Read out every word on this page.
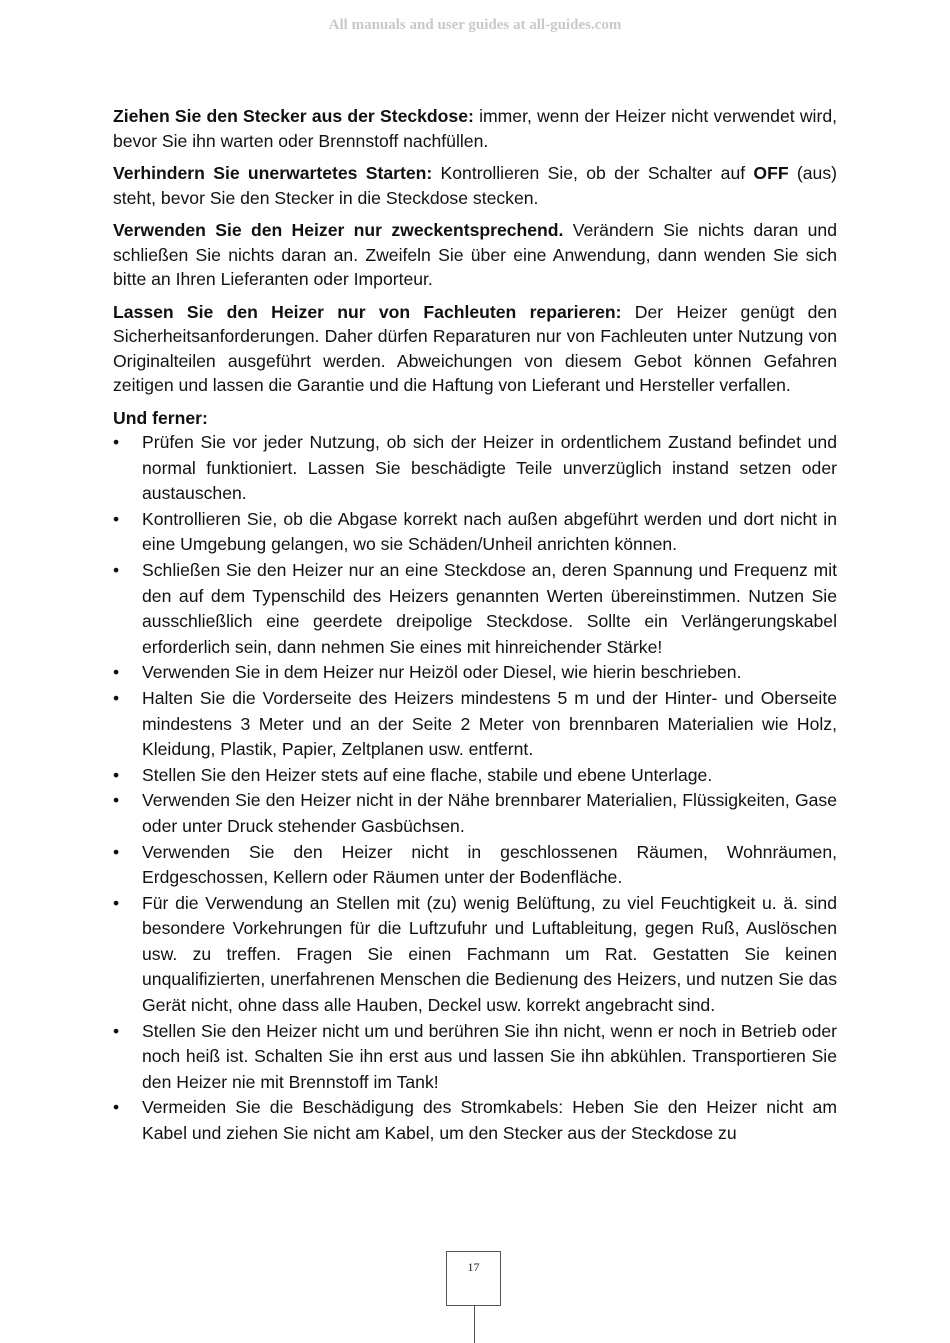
All manuals and user guides at all-guides.com

Ziehen Sie den Stecker aus der Steckdose: immer, wenn der Heizer nicht verwendet wird, bevor Sie ihn warten oder Brennstoff nachfüllen.

Verhindern Sie unerwartetes Starten: Kontrollieren Sie, ob der Schalter auf OFF (aus) steht, bevor Sie den Stecker in die Steckdose stecken.

Verwenden Sie den Heizer nur zweckentsprechend. Verändern Sie nichts daran und schließen Sie nichts daran an. Zweifeln Sie über eine Anwendung, dann wenden Sie sich bitte an Ihren Lieferanten oder Importeur.

Lassen Sie den Heizer nur von Fachleuten reparieren: Der Heizer genügt den Sicherheitsanforderungen. Daher dürfen Reparaturen nur von Fachleuten unter Nutzung von Originalteilen ausgeführt werden. Abweichungen von diesem Gebot können Gefahren zeitigen und lassen die Garantie und die Haftung von Lieferant und Hersteller verfallen.

Und ferner:

• Prüfen Sie vor jeder Nutzung, ob sich der Heizer in ordentlichem Zustand befindet und normal funktioniert. Lassen Sie beschädigte Teile unverzüglich instand setzen oder austauschen.
• Kontrollieren Sie, ob die Abgase korrekt nach außen abgeführt werden und dort nicht in eine Umgebung gelangen, wo sie Schäden/Unheil anrichten können.
• Schließen Sie den Heizer nur an eine Steckdose an, deren Spannung und Frequenz mit den auf dem Typenschild des Heizers genannten Werten übereinstimmen. Nutzen Sie ausschließlich eine geerdete dreipolige Steckdose. Sollte ein Verlängerungskabel erforderlich sein, dann nehmen Sie eines mit hinreichender Stärke!
• Verwenden Sie in dem Heizer nur Heizöl oder Diesel, wie hierin beschrieben.
• Halten Sie die Vorderseite des Heizers mindestens 5 m und der Hinter- und Oberseite mindestens 3 Meter und an der Seite 2 Meter von brennbaren Materialien wie Holz, Kleidung, Plastik, Papier, Zeltplanen usw. entfernt.
• Stellen Sie den Heizer stets auf eine flache, stabile und ebene Unterlage.
• Verwenden Sie den Heizer nicht in der Nähe brennbarer Materialien, Flüssigkeiten, Gase oder unter Druck stehender Gasbüchsen.
• Verwenden Sie den Heizer nicht in geschlossenen Räumen, Wohnräumen, Erdgeschossen, Kellern oder Räumen unter der Bodenfläche.
• Für die Verwendung an Stellen mit (zu) wenig Belüftung, zu viel Feuchtigkeit u. ä. sind besondere Vorkehrungen für die Luftzufuhr und Luftableitung, gegen Ruß, Auslöschen usw. zu treffen. Fragen Sie einen Fachmann um Rat. Gestatten Sie keinen unqualifizierten, unerfahrenen Menschen die Bedienung des Heizers, und nutzen Sie das Gerät nicht, ohne dass alle Hauben, Deckel usw. korrekt angebracht sind.
• Stellen Sie den Heizer nicht um und berühren Sie ihn nicht, wenn er noch in Betrieb oder noch heiß ist. Schalten Sie ihn erst aus und lassen Sie ihn abkühlen. Transportieren Sie den Heizer nie mit Brennstoff im Tank!
• Vermeiden Sie die Beschädigung des Stromkabels: Heben Sie den Heizer nicht am Kabel und ziehen Sie nicht am Kabel, um den Stecker aus der Steckdose zu
17
